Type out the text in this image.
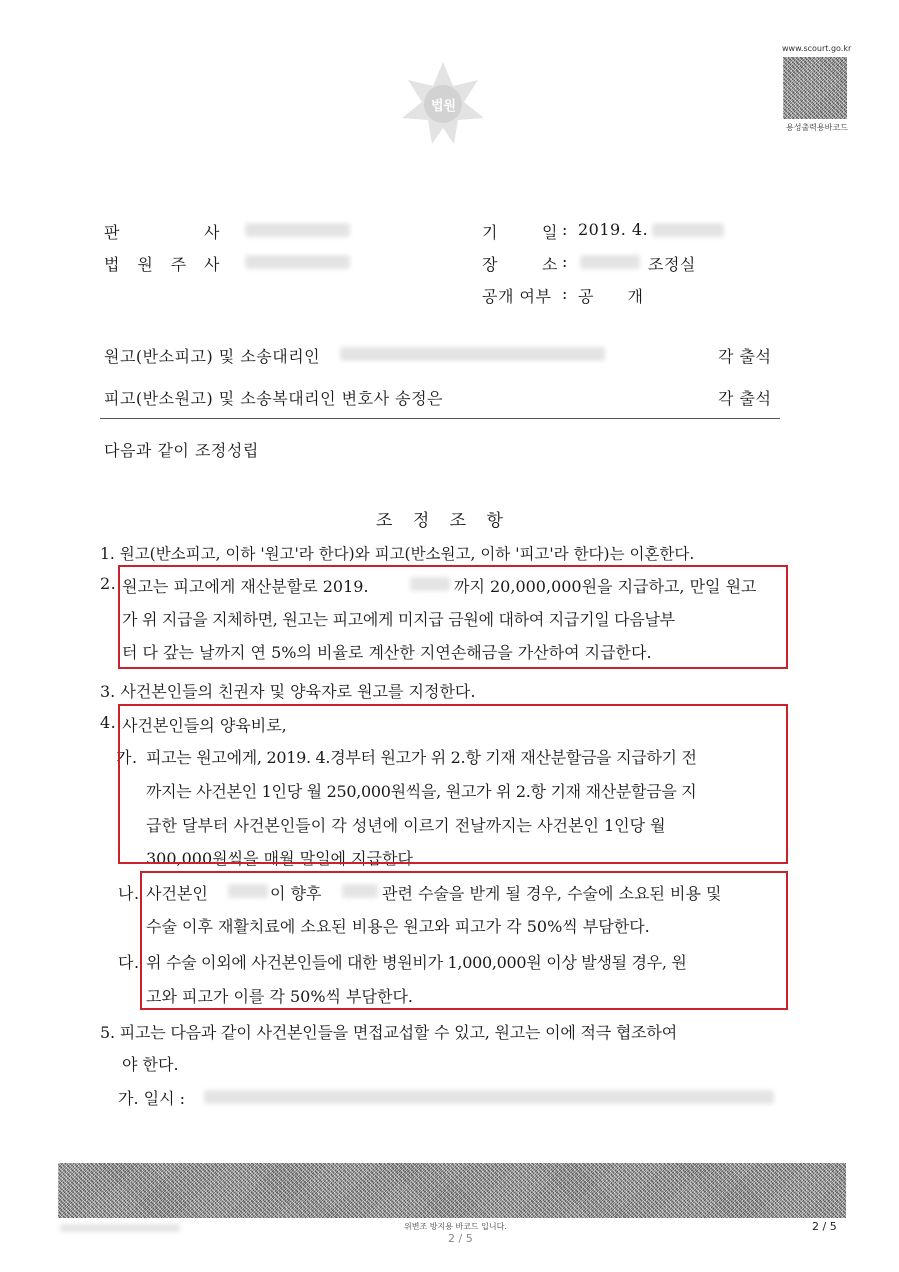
법원
www.scourt.go.kr
용성출력용바코드
판	사
법 원 주 사
기	일 : 2019. 4.
장	소 :	조정실
공개 여부 : 공 개
원고(반소피고) 및 소송대리인	각 출석
피고(반소원고) 및 소송복대리인 변호사 송정은	각 출석
다음과 같이 조정성립
조 정 조 항
1. 원고(반소피고, 이하 '원고'라 한다)와 피고(반소원고, 이하 '피고'라 한다)는 이혼한다.
2. 원고는 피고에게 재산분할로 2019.	까지 20,000,000원을 지급하고, 만일 원고
가 위 지급을 지체하면, 원고는 피고에게 미지급 금원에 대하여 지급기일 다음날부
터 다 갚는 날까지 연 5%의 비율로 계산한 지연손해금을 가산하여 지급한다.
3. 사건본인들의 친권자 및 양육자로 원고를 지정한다.
4. 사건본인들의 양육비로,
가. 피고는 원고에게, 2019. 4.경부터 원고가 위 2.항 기재 재산분할금을 지급하기 전
까지는 사건본인 1인당 월 250,000원씩을, 원고가 위 2.항 기재 재산분할금을 지
급한 달부터 사건본인들이 각 성년에 이르기 전날까지는 사건본인 1인당 월
300,000원씩을 매월 말일에 지급한다.
나. 사건본인	이 향후	관련 수술을 받게 될 경우, 수술에 소요된 비용 및
수술 이후 재활치료에 소요된 비용은 원고와 피고가 각 50%씩 부담한다.
다. 위 수술 이외에 사건본인들에 대한 병원비가 1,000,000원 이상 발생될 경우, 원
고와 피고가 이를 각 50%씩 부담한다.
5. 피고는 다음과 같이 사건본인들을 면접교섭할 수 있고, 원고는 이에 적극 협조하여
야 한다.
가. 일시 :
위변조 방지용 바코드 입니다.	2 / 5
2 / 5
